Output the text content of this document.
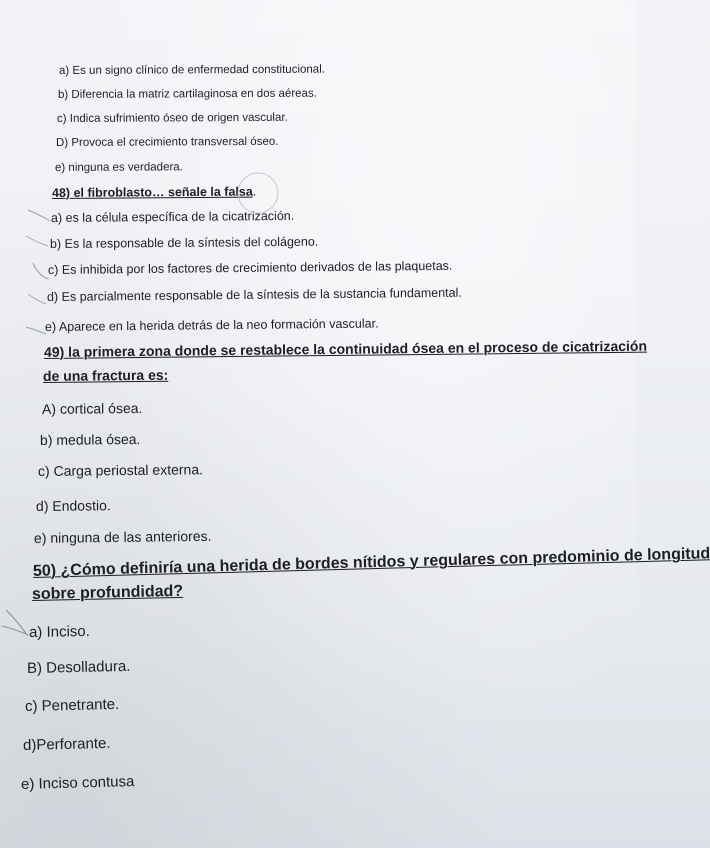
a) Es un signo clínico de enfermedad constitucional.
b) Diferencia la matriz cartilaginosa en dos aéreas.
c) Indica sufrimiento óseo de origen vascular.
D) Provoca el crecimiento transversal óseo.
e) ninguna es verdadera.
48) el fibroblasto… señale la falsa.
a) es la célula específica de la cicatrización.
b) Es la responsable de la síntesis del colágeno.
c) Es inhibida por los factores de crecimiento derivados de las plaquetas.
d) Es parcialmente responsable de la síntesis de la sustancia fundamental.
e) Aparece en la herida detrás de la neo formación vascular.
49) la primera zona donde se restablece la continuidad ósea en el proceso de cicatrización
de una fractura es:
A) cortical ósea.
b) medula ósea.
c) Carga periostal externa.
d) Endostio.
e) ninguna de las anteriores.
50) ¿Cómo definiría una herida de bordes nítidos y regulares con predominio de longitud
sobre profundidad?
a) Inciso.
B) Desolladura.
c) Penetrante.
d)Perforante.
e) Inciso contusa
